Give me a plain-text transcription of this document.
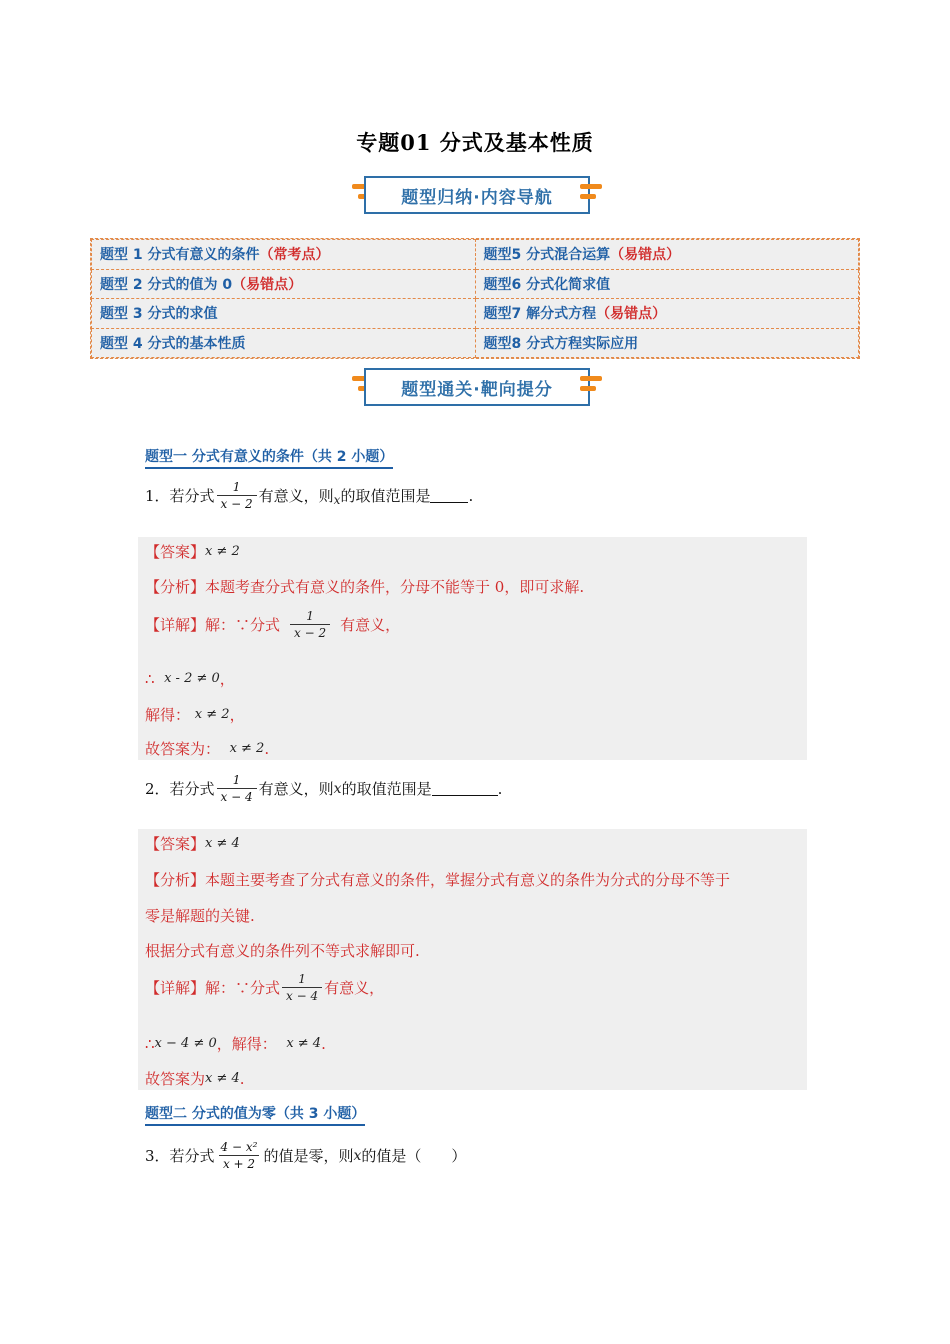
专题01 分式及基本性质
题型归纳·内容导航
题型 1 分式有意义的条件（常考点）	题型5 分式混合运算（易错点）
题型 2 分式的值为 0（易错点）	题型6 分式化简求值
题型 3 分式的求值	题型7 解分式方程（易错点）
题型 4 分式的基本性质	题型8 分式方程实际应用
题型通关·靶向提分
题型一 分式有意义的条件（共 2 小题）
1．若分式 $\frac{1}{x - 2}$ 有意义，则 x 的取值范围是	.
【答案】 x ≠ 2
【分析】本题考查分式有意义的条件，分母不能等于 0，即可求解.
【详解】解：∵分式 $\frac{1}{x - 2}$ 有意义，
∴
x - 2 ≠ 0 ，
解得：
x ≠ 2 ，
故答案为：
x ≠ 2 .
2．若分式 $\frac{1}{x - 4}$ 有意义，则 x 的取值范围是	.
【答案】 x ≠ 4
【分析】本题主要考查了分式有意义的条件，掌握分式有意义的条件为分式的分母不等于
零是解题的关键.
根据分式有意义的条件列不等式求解即可.
【详解】解：∵分式 $\frac{1}{x - 4}$ 有意义，
∴ x − 4 ≠ 0 ，解得：
x ≠ 4 .
故答案为 x ≠ 4 .
题型二 分式的值为零（共 3 小题）
3．若分式 $\frac{\text{4 − x²}}{x + 2}$ 的值是零，则 x 的值是（　　）
